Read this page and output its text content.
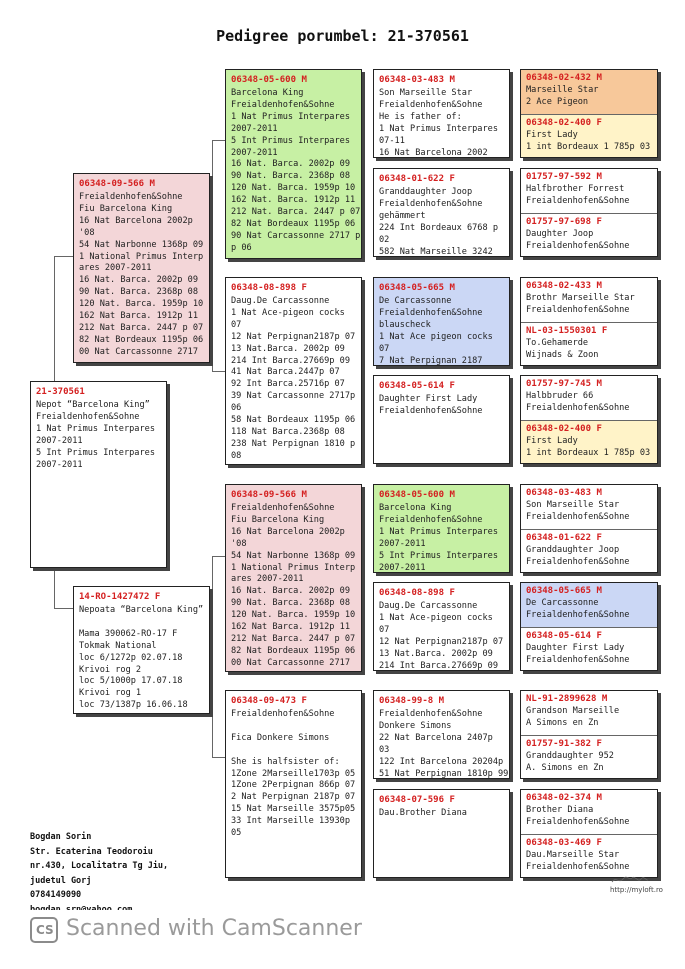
Pedigree porumbel: 21-370561
21-370561
Nepot “Barcelona King”
Freialdenhofen&Sohne
1 Nat Primus Interpares
2007-2011
5 Int Primus Interpares
2007-2011
06348-09-566 M
Freialdenhofen&Sohne
Fiu Barcelona King
16 Nat Barcelona 2002p
'08
54 Nat Narbonne 1368p 09
1 National Primus Interp
ares 2007-2011
16 Nat. Barca. 2002p 09
90 Nat. Barca. 2368p 08
120 Nat. Barca. 1959p 10
162 Nat Barca. 1912p 11
212 Nat Barca. 2447 p 07
82 Nat Bordeaux 1195p 06
00 Nat Carcassonne 2717
14-RO-1427472 F
Nepoata “Barcelona King”

Mama 390062-RO-17 F
Tokmak National
loc 6/1272p 02.07.18
Krivoi rog 2
loc 5/1000p 17.07.18
Krivoi rog 1
loc 73/1387p 16.06.18
06348-05-600 M
Barcelona King
Freialdenhofen&Sohne
1 Nat Primus Interpares
2007-2011
5 Int Primus Interpares
2007-2011
16 Nat. Barca. 2002p 09
90 Nat. Barca. 2368p 08
120 Nat. Barca. 1959p 10
162 Nat. Barca. 1912p 11
212 Nat. Barca. 2447 p 07
82 Nat Bordeaux 1195p 06
90 Nat Carcassonne 2717 p
p 06
06348-08-898 F
Daug.De Carcassonne
1 Nat Ace-pigeon cocks
07
12 Nat Perpignan2187p 07
13 Nat.Barca. 2002p 09
214 Int Barca.27669p 09
41 Nat Barca.2447p 07
92 Int Barca.25716p 07
39 Nat Carcassonne 2717p
06
58 Nat Bordeaux 1195p 06
118 Nat Barca.2368p 08
238 Nat Perpignan 1810 p
08
06348-09-566 M
Freialdenhofen&Sohne
Fiu Barcelona King
16 Nat Barcelona 2002p
'08
54 Nat Narbonne 1368p 09
1 National Primus Interp
ares 2007-2011
16 Nat. Barca. 2002p 09
90 Nat. Barca. 2368p 08
120 Nat. Barca. 1959p 10
162 Nat Barca. 1912p 11
212 Nat Barca. 2447 p 07
82 Nat Bordeaux 1195p 06
00 Nat Carcassonne 2717
06348-09-473 F
Freialdenhofen&Sohne

Fica Donkere Simons

She is halfsister of:
1Zone 2Marseille1703p 05
1Zone 2Perpignan 866p 07
2 Nat Perpignan 2187p 07
15 Nat Marseille 3575p05
33 Int Marseille 13930p
05
06348-03-483 M
Son Marseille Star
Freialdenhofen&Sohne
He is father of:
1 Nat Primus Interpares
07-11
16 Nat Barcelona 2002
06348-01-622 F
Granddaughter Joop
Freialdenhofen&Sohne
gehämmert
224 Int Bordeaux 6768 p
02
582 Nat Marseille 3242
06348-05-665 M
De Carcassonne
Freialdenhofen&Sohne
blauscheck
1 Nat Ace pigeon cocks
07
7 Nat Perpignan 2187
06348-05-614 F
Daughter First Lady
Freialdenhofen&Sohne
06348-05-600 M
Barcelona King
Freialdenhofen&Sohne
1 Nat Primus Interpares
2007-2011
5 Int Primus Interpares
2007-2011
06348-08-898 F
Daug.De Carcassonne
1 Nat Ace-pigeon cocks
07
12 Nat Perpignan2187p 07
13 Nat.Barca. 2002p 09
214 Int Barca.27669p 09
06348-99-8 M
Freialdenhofen&Sohne
Donkere Simons
22 Nat Barcelona 2407p
03
122 Int Barcelona 20204p
51 Nat Perpignan 1810p 99
06348-07-596 F
Dau.Brother Diana
06348-02-432 M
Marseille Star
2 Ace Pigeon
06348-02-400 F
First Lady
1 int Bordeaux 1 785p 03
01757-97-592 M
Halfbrother Forrest
Freialdenhofen&Sohne
01757-97-698 F
Daughter Joop
Freialdenhofen&Sohne
06348-02-433 M
Brothr Marseille Star
Freialdenhofen&Sohne
NL-03-1550301 F
To.Gehamerde
Wijnads & Zoon
01757-97-745 M
Halbbruder 66
Freialdenhofen&Sohne
06348-02-400 F
First Lady
1 int Bordeaux 1 785p 03
06348-03-483 M
Son Marseille Star
Freialdenhofen&Sohne
06348-01-622 F
Granddaughter Joop
Freialdenhofen&Sohne
06348-05-665 M
De Carcassonne
Freialdenhofen&Sohne
06348-05-614 F
Daughter First Lady
Freialdenhofen&Sohne
NL-91-2899628 M
Grandson Marseille
A Simons en Zn
01757-91-382 F
Granddaughter 952
A. Simons en Zn
06348-02-374 M
Brother Diana
Freialdenhofen&Sohne
06348-03-469 F
Dau.Marseille Star
Freialdenhofen&Sohne
Bogdan Sorin
Str. Ecaterina Teodoroiu
nr.430, Localitatra Tg Jiu,
judetul Gorj
0784149090
http://myloft.ro
CS Scanned with CamScanner
